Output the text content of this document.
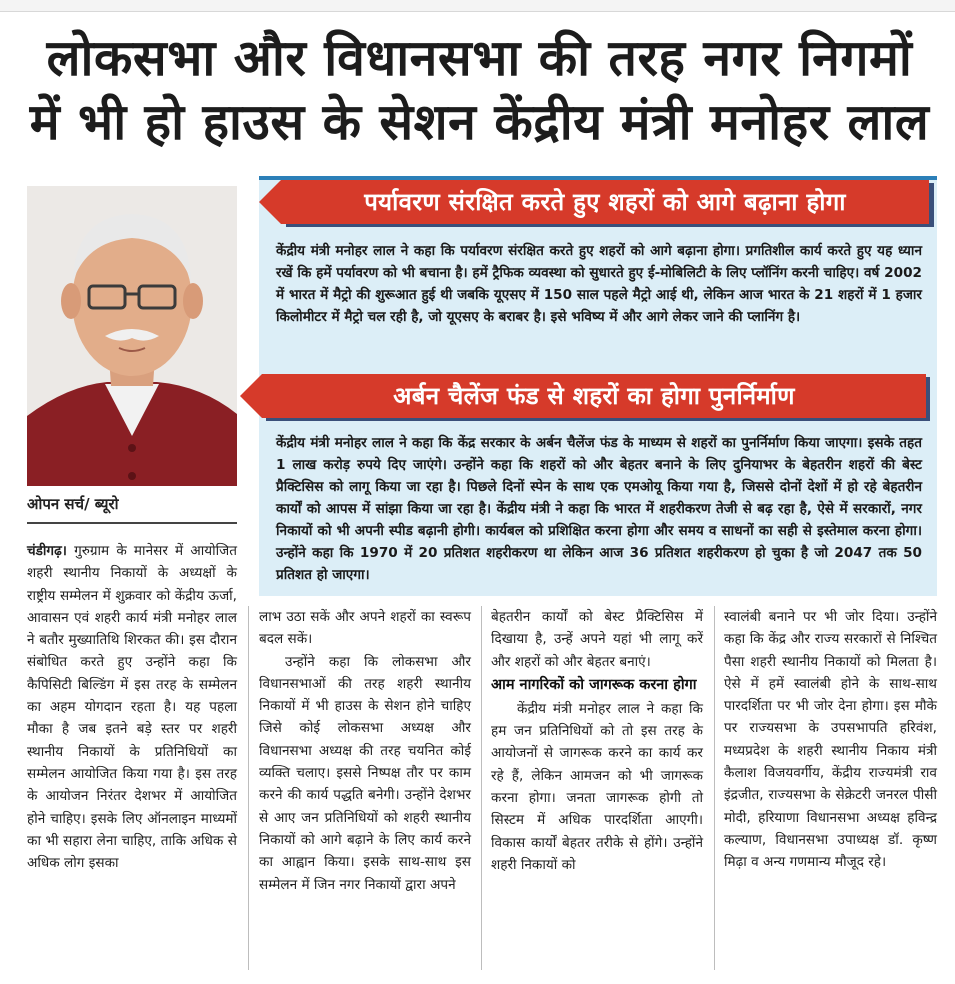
लोकसभा और विधानसभा की तरह नगर निगमों
में भी हो हाउस के सेशन केंद्रीय मंत्री मनोहर लाल
ओपन सर्च/ ब्यूरो
पर्यावरण संरक्षित करते हुए शहरों को आगे बढ़ाना होगा
केंद्रीय मंत्री मनोहर लाल ने कहा कि पर्यावरण संरक्षित करते हुए शहरों को आगे बढ़ाना होगा। प्रगतिशील कार्य करते हुए यह ध्यान रखें कि हमें पर्यावरण को भी बचाना है। हमें ट्रैफिक व्यवस्था को सुधारते हुए ई-मोबिलिटी के लिए प्लॉनिंग करनी चाहिए। वर्ष 2002 में भारत में मैट्रो की शुरूआत हुई थी जबकि यूएसए में 150 साल पहले मैट्रो आई थी, लेकिन आज भारत के 21 शहरों में 1 हजार किलोमीटर में मैट्रो चल रही है, जो यूएसए के बराबर है। इसे भविष्य में और आगे लेकर जाने की प्लानिंग है।
अर्बन चैलेंज फंड से शहरों का होगा पुनर्निर्माण
केंद्रीय मंत्री मनोहर लाल ने कहा कि केंद्र सरकार के अर्बन चैलेंज फंड के माध्यम से शहरों का पुनर्निर्माण किया जाएगा। इसके तहत 1 लाख करोड़ रुपये दिए जाएंगे। उन्होंने कहा कि शहरों को और बेहतर बनाने के लिए दुनियाभर के बेहतरीन शहरों की बेस्ट प्रैक्टिसिस को लागू किया जा रहा है। पिछले दिनों स्पेन के साथ एक एमओयू किया गया है, जिससे दोनों देशों में हो रहे बेहतरीन कार्यों को आपस में सांझा किया जा रहा है। केंद्रीय मंत्री ने कहा कि भारत में शहरीकरण तेजी से बढ़ रहा है, ऐसे में सरकारों, नगर निकायों को भी अपनी स्पीड बढ़ानी होगी। कार्यबल को प्रशिक्षित करना होगा और समय व साधनों का सही से इस्तेमाल करना होगा। उन्होंने कहा कि 1970 में 20 प्रतिशत शहरीकरण था लेकिन आज 36 प्रतिशत शहरीकरण हो चुका है जो 2047 तक 50 प्रतिशत हो जाएगा।
चंडीगढ़। गुरुग्राम के मानेसर में आयोजित शहरी स्थानीय निकायों के अध्यक्षों के राष्ट्रीय सम्मेलन में शुक्रवार को केंद्रीय ऊर्जा, आवासन एवं शहरी कार्य मंत्री मनोहर लाल ने बतौर मुख्यातिथि शिरकत की। इस दौरान संबोधित करते हुए उन्होंने कहा कि कैपिसिटी बिल्डिंग में इस तरह के सम्मेलन का अहम योगदान रहता है। यह पहला मौका है जब इतने बड़े स्तर पर शहरी स्थानीय निकायों के प्रतिनिधियों का सम्मेलन आयोजित किया गया है। इस तरह के आयोजन निरंतर देशभर में आयोजित होने चाहिए। इसके लिए ऑनलाइन माध्यमों का भी सहारा लेना चाहिए, ताकि अधिक से अधिक लोग इसका

लाभ उठा सकें और अपने शहरों का स्वरूप बदल सकें।

उन्होंने कहा कि लोकसभा और विधानसभाओं की तरह शहरी स्थानीय निकायों में भी हाउस के सेशन होने चाहिए जिसे कोई लोकसभा अध्यक्ष और विधानसभा अध्यक्ष की तरह चयनित कोई व्यक्ति चलाए। इससे निष्पक्ष तौर पर काम करने की कार्य पद्धति बनेगी। उन्होंने देशभर से आए जन प्रतिनिधियों को शहरी स्थानीय निकायों को आगे बढ़ाने के लिए कार्य करने का आह्वान किया। इसके साथ-साथ इस सम्मेलन में जिन नगर निकायों द्वारा अपने

बेहतरीन कार्यों को बेस्ट प्रैक्टिसिस में दिखाया है, उन्हें अपने यहां भी लागू करें और शहरों को और बेहतर बनाएं।

आम नागरिकों को जागरूक करना होगा

केंद्रीय मंत्री मनोहर लाल ने कहा कि हम जन प्रतिनिधियों को तो इस तरह के आयोजनों से जागरूक करने का कार्य कर रहे हैं, लेकिन आमजन को भी जागरूक करना होगा। जनता जागरूक होगी तो सिस्टम में अधिक पारदर्शिता आएगी। विकास कार्यों बेहतर तरीके से होंगे। उन्होंने शहरी निकायों को

स्वालंबी बनाने पर भी जोर दिया। उन्होंने कहा कि केंद्र और राज्य सरकारों से निश्चित पैसा शहरी स्थानीय निकायों को मिलता है। ऐसे में हमें स्वालंबी होने के साथ-साथ पारदर्शिता पर भी जोर देना होगा। इस मौके पर राज्यसभा के उपसभापति हरिवंश, मध्यप्रदेश के शहरी स्थानीय निकाय मंत्री कैलाश विजयवर्गीय, केंद्रीय राज्यमंत्री राव इंद्रजीत, राज्यसभा के सेक्रेटरी जनरल पीसी मोदी, हरियाणा विधानसभा अध्यक्ष हविन्द्र कल्याण, विधानसभा उपाध्यक्ष डॉ. कृष्ण मिढ़ा व अन्य गणमान्य मौजूद रहे।
